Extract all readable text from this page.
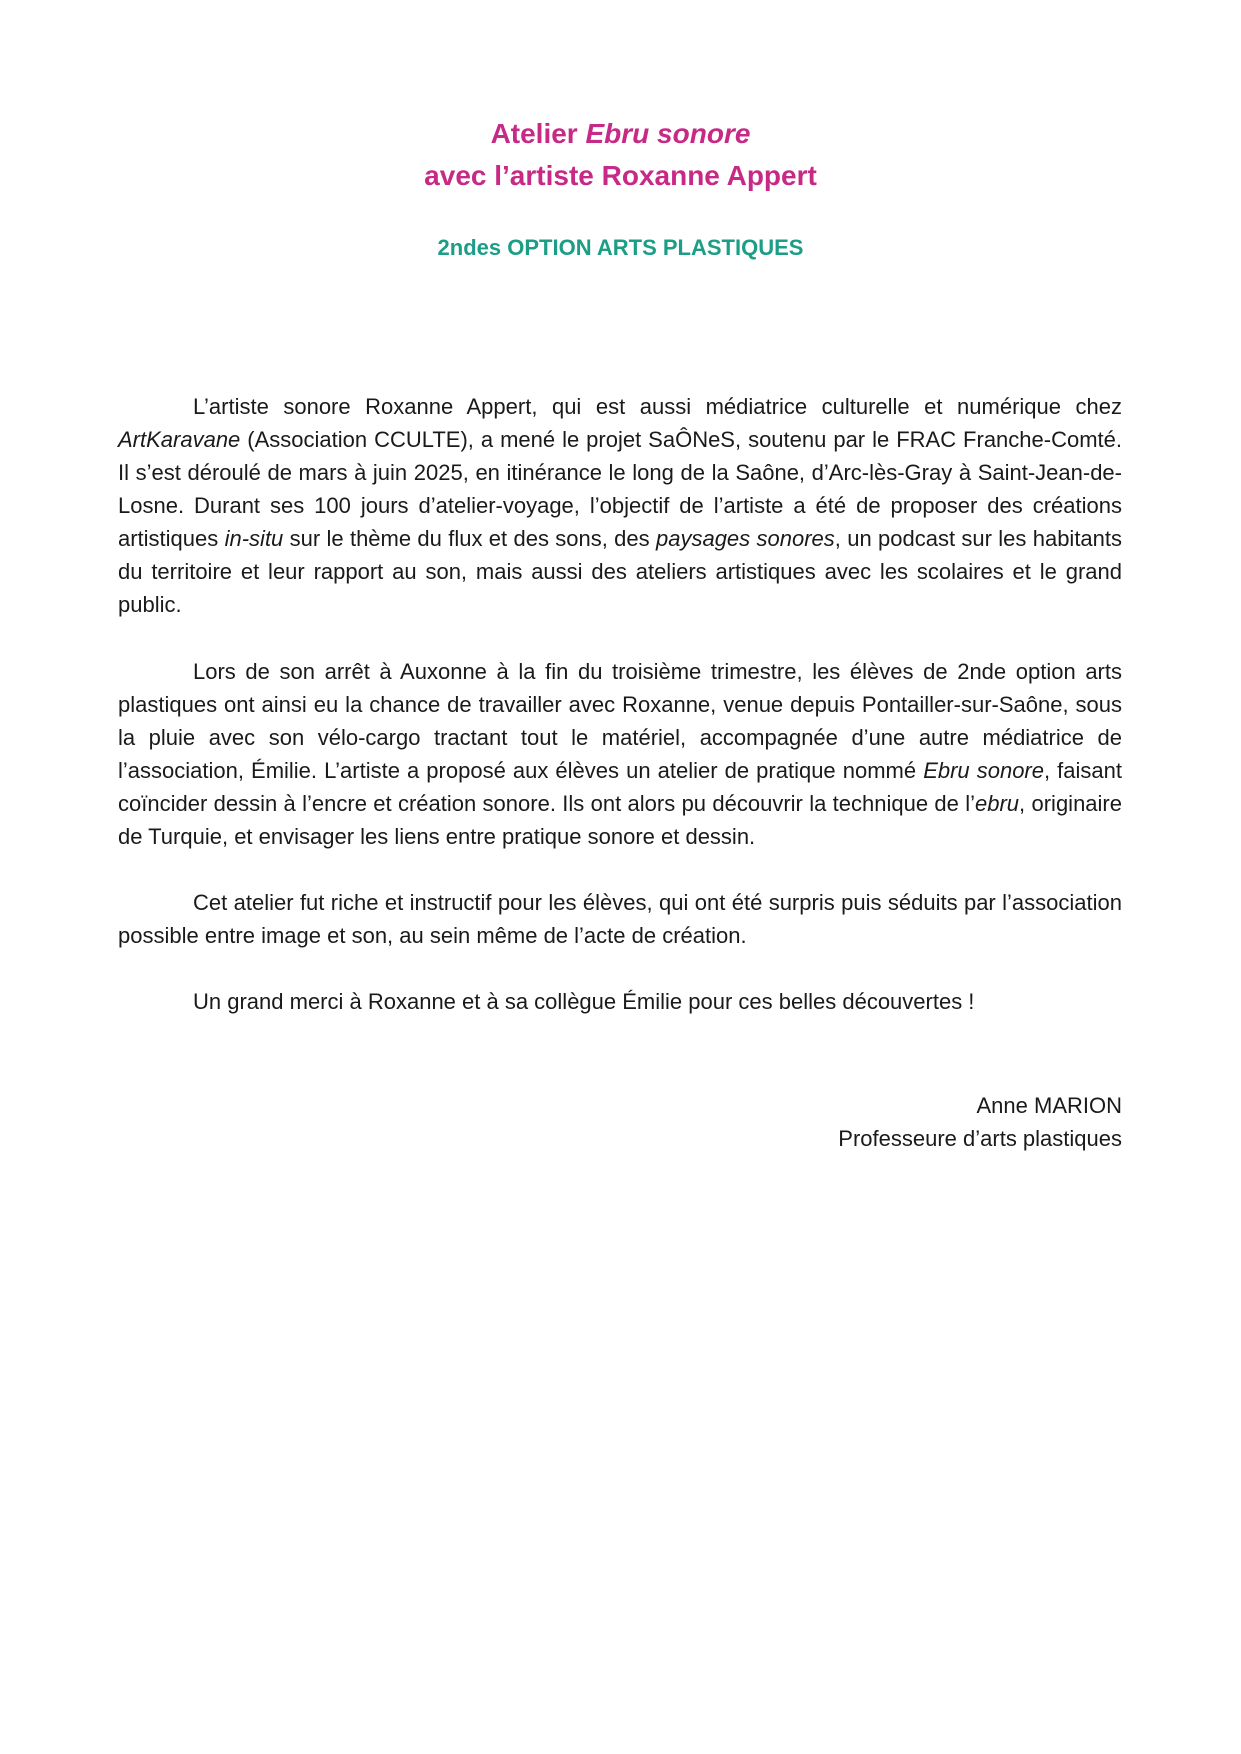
Atelier Ebru sonore

avec l’artiste Roxanne Appert

2ndes OPTION ARTS PLASTIQUES

L’artiste sonore Roxanne Appert, qui est aussi médiatrice culturelle et numérique chez ArtKaravane (Association CCULTE), a mené le projet SaÔNeS, soutenu par le FRAC Franche-Comté. Il s’est déroulé de mars à juin 2025, en itinérance le long de la Saône, d’Arc-lès-Gray à Saint-Jean-de-Losne. Durant ses 100 jours d’atelier-voyage, l’objectif de l’artiste a été de proposer des créations artistiques in-situ sur le thème du flux et des sons, des paysages sonores, un podcast sur les habitants du territoire et leur rapport au son, mais aussi des ateliers artistiques avec les scolaires et le grand public.

Lors de son arrêt à Auxonne à la fin du troisième trimestre, les élèves de 2nde option arts plastiques ont ainsi eu la chance de travailler avec Roxanne, venue depuis Pontailler-sur-Saône, sous la pluie avec son vélo-cargo tractant tout le matériel, accompagnée d’une autre médiatrice de l’association, Émilie. L’artiste a proposé aux élèves un atelier de pratique nommé Ebru sonore, faisant coïncider dessin à l’encre et création sonore. Ils ont alors pu découvrir la technique de l’ebru, originaire de Turquie, et envisager les liens entre pratique sonore et dessin.

Cet atelier fut riche et instructif pour les élèves, qui ont été surpris puis séduits par l’association possible entre image et son, au sein même de l’acte de création.

Un grand merci à Roxanne et à sa collègue Émilie pour ces belles découvertes !

Anne MARION
Professeure d’arts plastiques
